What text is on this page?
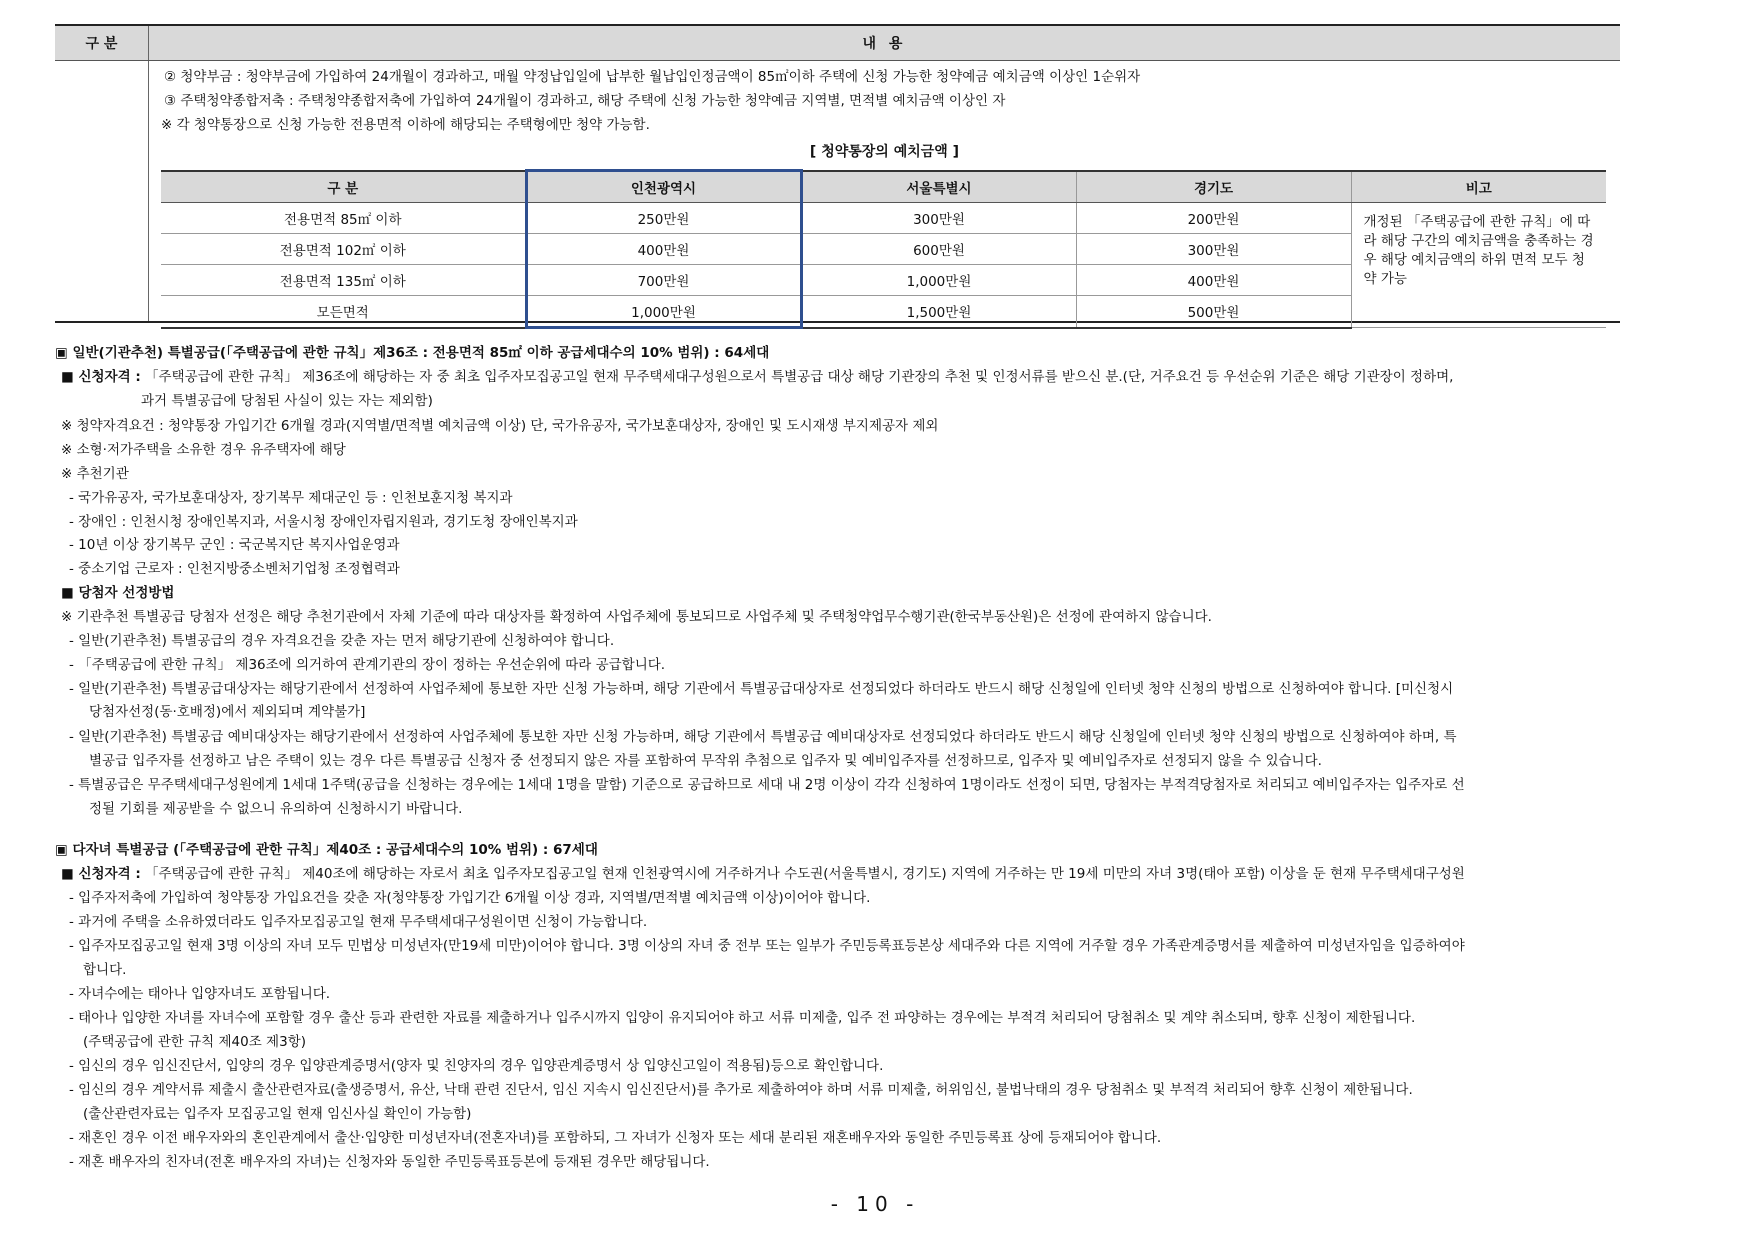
구 분	내 용
② 청약부금 : 청약부금에 가입하여 24개월이 경과하고, 매월 약정납입일에 납부한 월납입인정금액이 85㎡이하 주택에 신청 가능한 청약예금 예치금액 이상인 1순위자
③ 주택청약종합저축 : 주택청약종합저축에 가입하여 24개월이 경과하고, 해당 주택에 신청 가능한 청약예금 지역별, 면적별 예치금액 이상인 자
※ 각 청약통장으로 신청 가능한 전용면적 이하에 해당되는 주택형에만 청약 가능함.
[ 청약통장의 예치금액 ]
구 분	인천광역시	서울특별시	경기도	비고
전용면적 85㎡ 이하	250만원	300만원	200만원	개정된 「주택공급에 관한 규칙」에 따라 해당 구간의 예치금액을 충족하는 경우 해당 예치금액의 하위 면적 모두 청약 가능
전용면적 102㎡ 이하	400만원	600만원	300만원	
전용면적 135㎡ 이하	700만원	1,000만원	400만원	
모든면적	1,000만원	1,500만원	500만원	
▣ 일반(기관추천) 특별공급(「주택공급에 관한 규칙」제36조 : 전용면적 85㎡ 이하 공급세대수의 10% 범위) : 64세대
■ 신청자격 : 「주택공급에 관한 규칙」 제36조에 해당하는 자 중 최초 입주자모집공고일 현재 무주택세대구성원으로서 특별공급 대상 해당 기관장의 추천 및 인정서류를 받으신 분.(단, 거주요건 등 우선순위 기준은 해당 기관장이 정하며,
과거 특별공급에 당첨된 사실이 있는 자는 제외함)
※ 청약자격요건 : 청약통장 가입기간 6개월 경과(지역별/면적별 예치금액 이상) 단, 국가유공자, 국가보훈대상자, 장애인 및 도시재생 부지제공자 제외
※ 소형·저가주택을 소유한 경우 유주택자에 해당
※ 추천기관
- 국가유공자, 국가보훈대상자, 장기복무 제대군인 등 : 인천보훈지청 복지과
- 장애인 : 인천시청 장애인복지과, 서울시청 장애인자립지원과, 경기도청 장애인복지과
- 10년 이상 장기복무 군인 : 국군복지단 복지사업운영과
- 중소기업 근로자 : 인천지방중소벤처기업청 조정협력과
■ 당첨자 선정방법
※ 기관추천 특별공급 당첨자 선정은 해당 추천기관에서 자체 기준에 따라 대상자를 확정하여 사업주체에 통보되므로 사업주체 및 주택청약업무수행기관(한국부동산원)은 선정에 관여하지 않습니다.
- 일반(기관추천) 특별공급의 경우 자격요건을 갖춘 자는 먼저 해당기관에 신청하여야 합니다.
- 「주택공급에 관한 규칙」 제36조에 의거하여 관계기관의 장이 정하는 우선순위에 따라 공급합니다.
- 일반(기관추천) 특별공급대상자는 해당기관에서 선정하여 사업주체에 통보한 자만 신청 가능하며, 해당 기관에서 특별공급대상자로 선정되었다 하더라도 반드시 해당 신청일에 인터넷 청약 신청의 방법으로 신청하여야 합니다. [미신청시
당첨자선정(동·호배정)에서 제외되며 계약불가]
- 일반(기관추천) 특별공급 예비대상자는 해당기관에서 선정하여 사업주체에 통보한 자만 신청 가능하며, 해당 기관에서 특별공급 예비대상자로 선정되었다 하더라도 반드시 해당 신청일에 인터넷 청약 신청의 방법으로 신청하여야 하며, 특
별공급 입주자를 선정하고 남은 주택이 있는 경우 다른 특별공급 신청자 중 선정되지 않은 자를 포함하여 무작위 추첨으로 입주자 및 예비입주자를 선정하므로, 입주자 및 예비입주자로 선정되지 않을 수 있습니다.
- 특별공급은 무주택세대구성원에게 1세대 1주택(공급을 신청하는 경우에는 1세대 1명을 말함) 기준으로 공급하므로 세대 내 2명 이상이 각각 신청하여 1명이라도 선정이 되면, 당첨자는 부적격당첨자로 처리되고 예비입주자는 입주자로 선
정될 기회를 제공받을 수 없으니 유의하여 신청하시기 바랍니다.
▣ 다자녀 특별공급 (「주택공급에 관한 규칙」제40조 : 공급세대수의 10% 범위) : 67세대
■ 신청자격 : 「주택공급에 관한 규칙」 제40조에 해당하는 자로서 최초 입주자모집공고일 현재 인천광역시에 거주하거나 수도권(서울특별시, 경기도) 지역에 거주하는 만 19세 미만의 자녀 3명(태아 포함) 이상을 둔 현재 무주택세대구성원
- 입주자저축에 가입하여 청약통장 가입요건을 갖춘 자(청약통장 가입기간 6개월 이상 경과, 지역별/면적별 예치금액 이상)이어야 합니다.
- 과거에 주택을 소유하였더라도 입주자모집공고일 현재 무주택세대구성원이면 신청이 가능합니다.
- 입주자모집공고일 현재 3명 이상의 자녀 모두 민법상 미성년자(만19세 미만)이어야 합니다. 3명 이상의 자녀 중 전부 또는 일부가 주민등록표등본상 세대주와 다른 지역에 거주할 경우 가족관계증명서를 제출하여 미성년자임을 입증하여야
합니다.
- 자녀수에는 태아나 입양자녀도 포함됩니다.
- 태아나 입양한 자녀를 자녀수에 포함할 경우 출산 등과 관련한 자료를 제출하거나 입주시까지 입양이 유지되어야 하고 서류 미제출, 입주 전 파양하는 경우에는 부적격 처리되어 당첨취소 및 계약 취소되며, 향후 신청이 제한됩니다.
(주택공급에 관한 규칙 제40조 제3항)
- 임신의 경우 임신진단서, 입양의 경우 입양관계증명서(양자 및 친양자의 경우 입양관계증명서 상 입양신고일이 적용됨)등으로 확인합니다.
- 임신의 경우 계약서류 제출시 출산관련자료(출생증명서, 유산, 낙태 관련 진단서, 임신 지속시 임신진단서)를 추가로 제출하여야 하며 서류 미제출, 허위임신, 불법낙태의 경우 당첨취소 및 부적격 처리되어 향후 신청이 제한됩니다.
(출산관련자료는 입주자 모집공고일 현재 임신사실 확인이 가능함)
- 재혼인 경우 이전 배우자와의 혼인관계에서 출산·입양한 미성년자녀(전혼자녀)를 포함하되, 그 자녀가 신청자 또는 세대 분리된 재혼배우자와 동일한 주민등록표 상에 등재되어야 합니다.
- 재혼 배우자의 친자녀(전혼 배우자의 자녀)는 신청자와 동일한 주민등록표등본에 등재된 경우만 해당됩니다.
- 10 -
